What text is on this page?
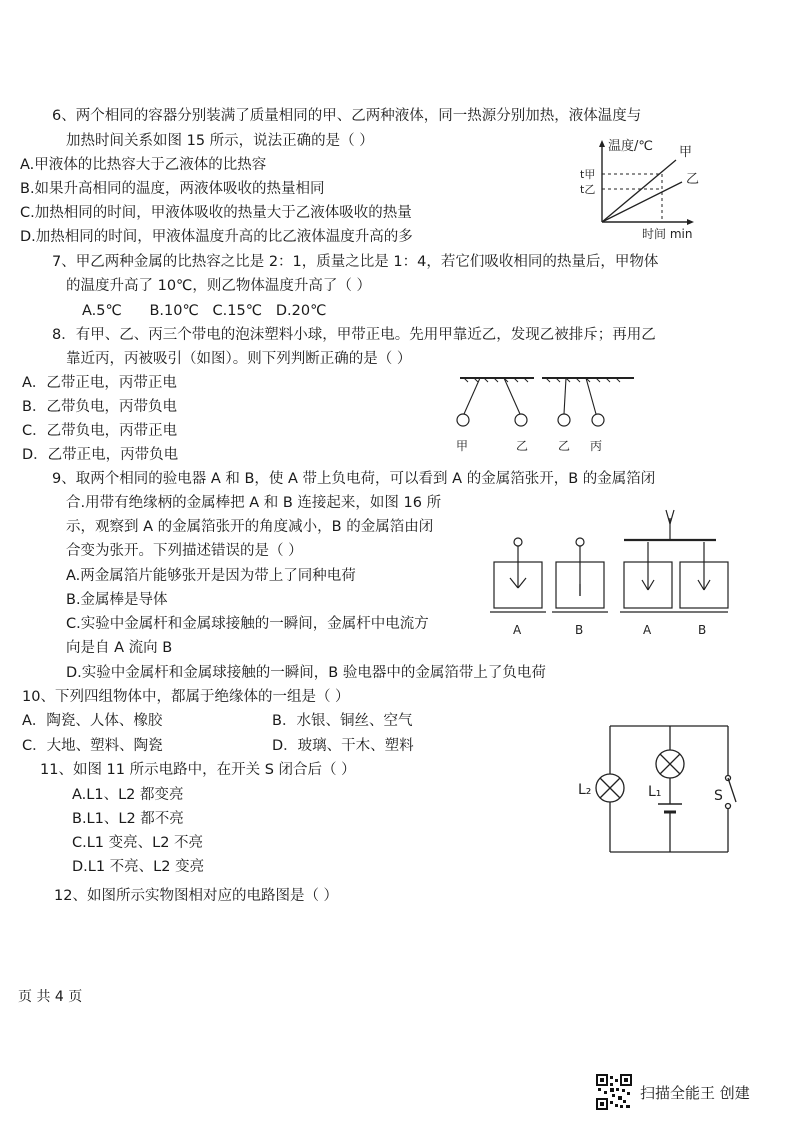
6、两个相同的容器分别装满了质量相同的甲、乙两种液体，同一热源分别加热，液体温度与
加热时间关系如图 15 所示，说法正确的是（ ）
A.甲液体的比热容大于乙液体的比热容
B.如果升高相同的温度，两液体吸收的热量相同
C.加热相同的时间，甲液体吸收的热量大于乙液体吸收的热量
D.加热相同的时间，甲液体温度升高的比乙液体温度升高的多
温度/℃
时间 min
t甲
t乙
甲
乙
7、甲乙两种金属的比热容之比是 2：1，质量之比是 1：4，若它们吸收相同的热量后，甲物体
的温度升高了 10℃，则乙物体温度升高了（ ）
A.5℃      B.10℃   C.15℃   D.20℃
8．有甲、乙、丙三个带电的泡沫塑料小球，甲带正电。先用甲靠近乙，发现乙被排斥；再用乙
靠近丙，丙被吸引（如图）。则下列判断正确的是（ ）
A．乙带正电，丙带正电
B．乙带负电，丙带负电
C．乙带负电，丙带正电
D．乙带正电，丙带负电
甲	乙 乙 丙
9、取两个相同的验电器 A 和 B，使 A 带上负电荷，可以看到 A 的金属箔张开，B 的金属箔闭
合.用带有绝缘柄的金属棒把 A 和 B 连接起来，如图 16 所
示，观察到 A 的金属箔张开的角度减小，B 的金属箔由闭
合变为张开。下列描述错误的是（ ）
A.两金属箔片能够张开是因为带上了同种电荷
B.金属棒是导体
C.实验中金属杆和金属球接触的一瞬间，金属杆中电流方
向是自 A 流向 B
D.实验中金属杆和金属球接触的一瞬间，B 验电器中的金属箔带上了负电荷
A	B	A	B
10、下列四组物体中，都属于绝缘体的一组是（ ）
A．陶瓷、人体、橡胶	B．水银、铜丝、空气
C．大地、塑料、陶瓷	D．玻璃、干木、塑料
11、如图 11 所示电路中，在开关 S 闭合后（ ）
A.L1、L2 都变亮
B.L1、L2 都不亮
C.L1 变亮、L2 不亮
D.L1 不亮、L2 变亮
L₂	L₁	S
12、如图所示实物图相对应的电路图是（ ）
页 共 4 页
扫描全能王 创建
